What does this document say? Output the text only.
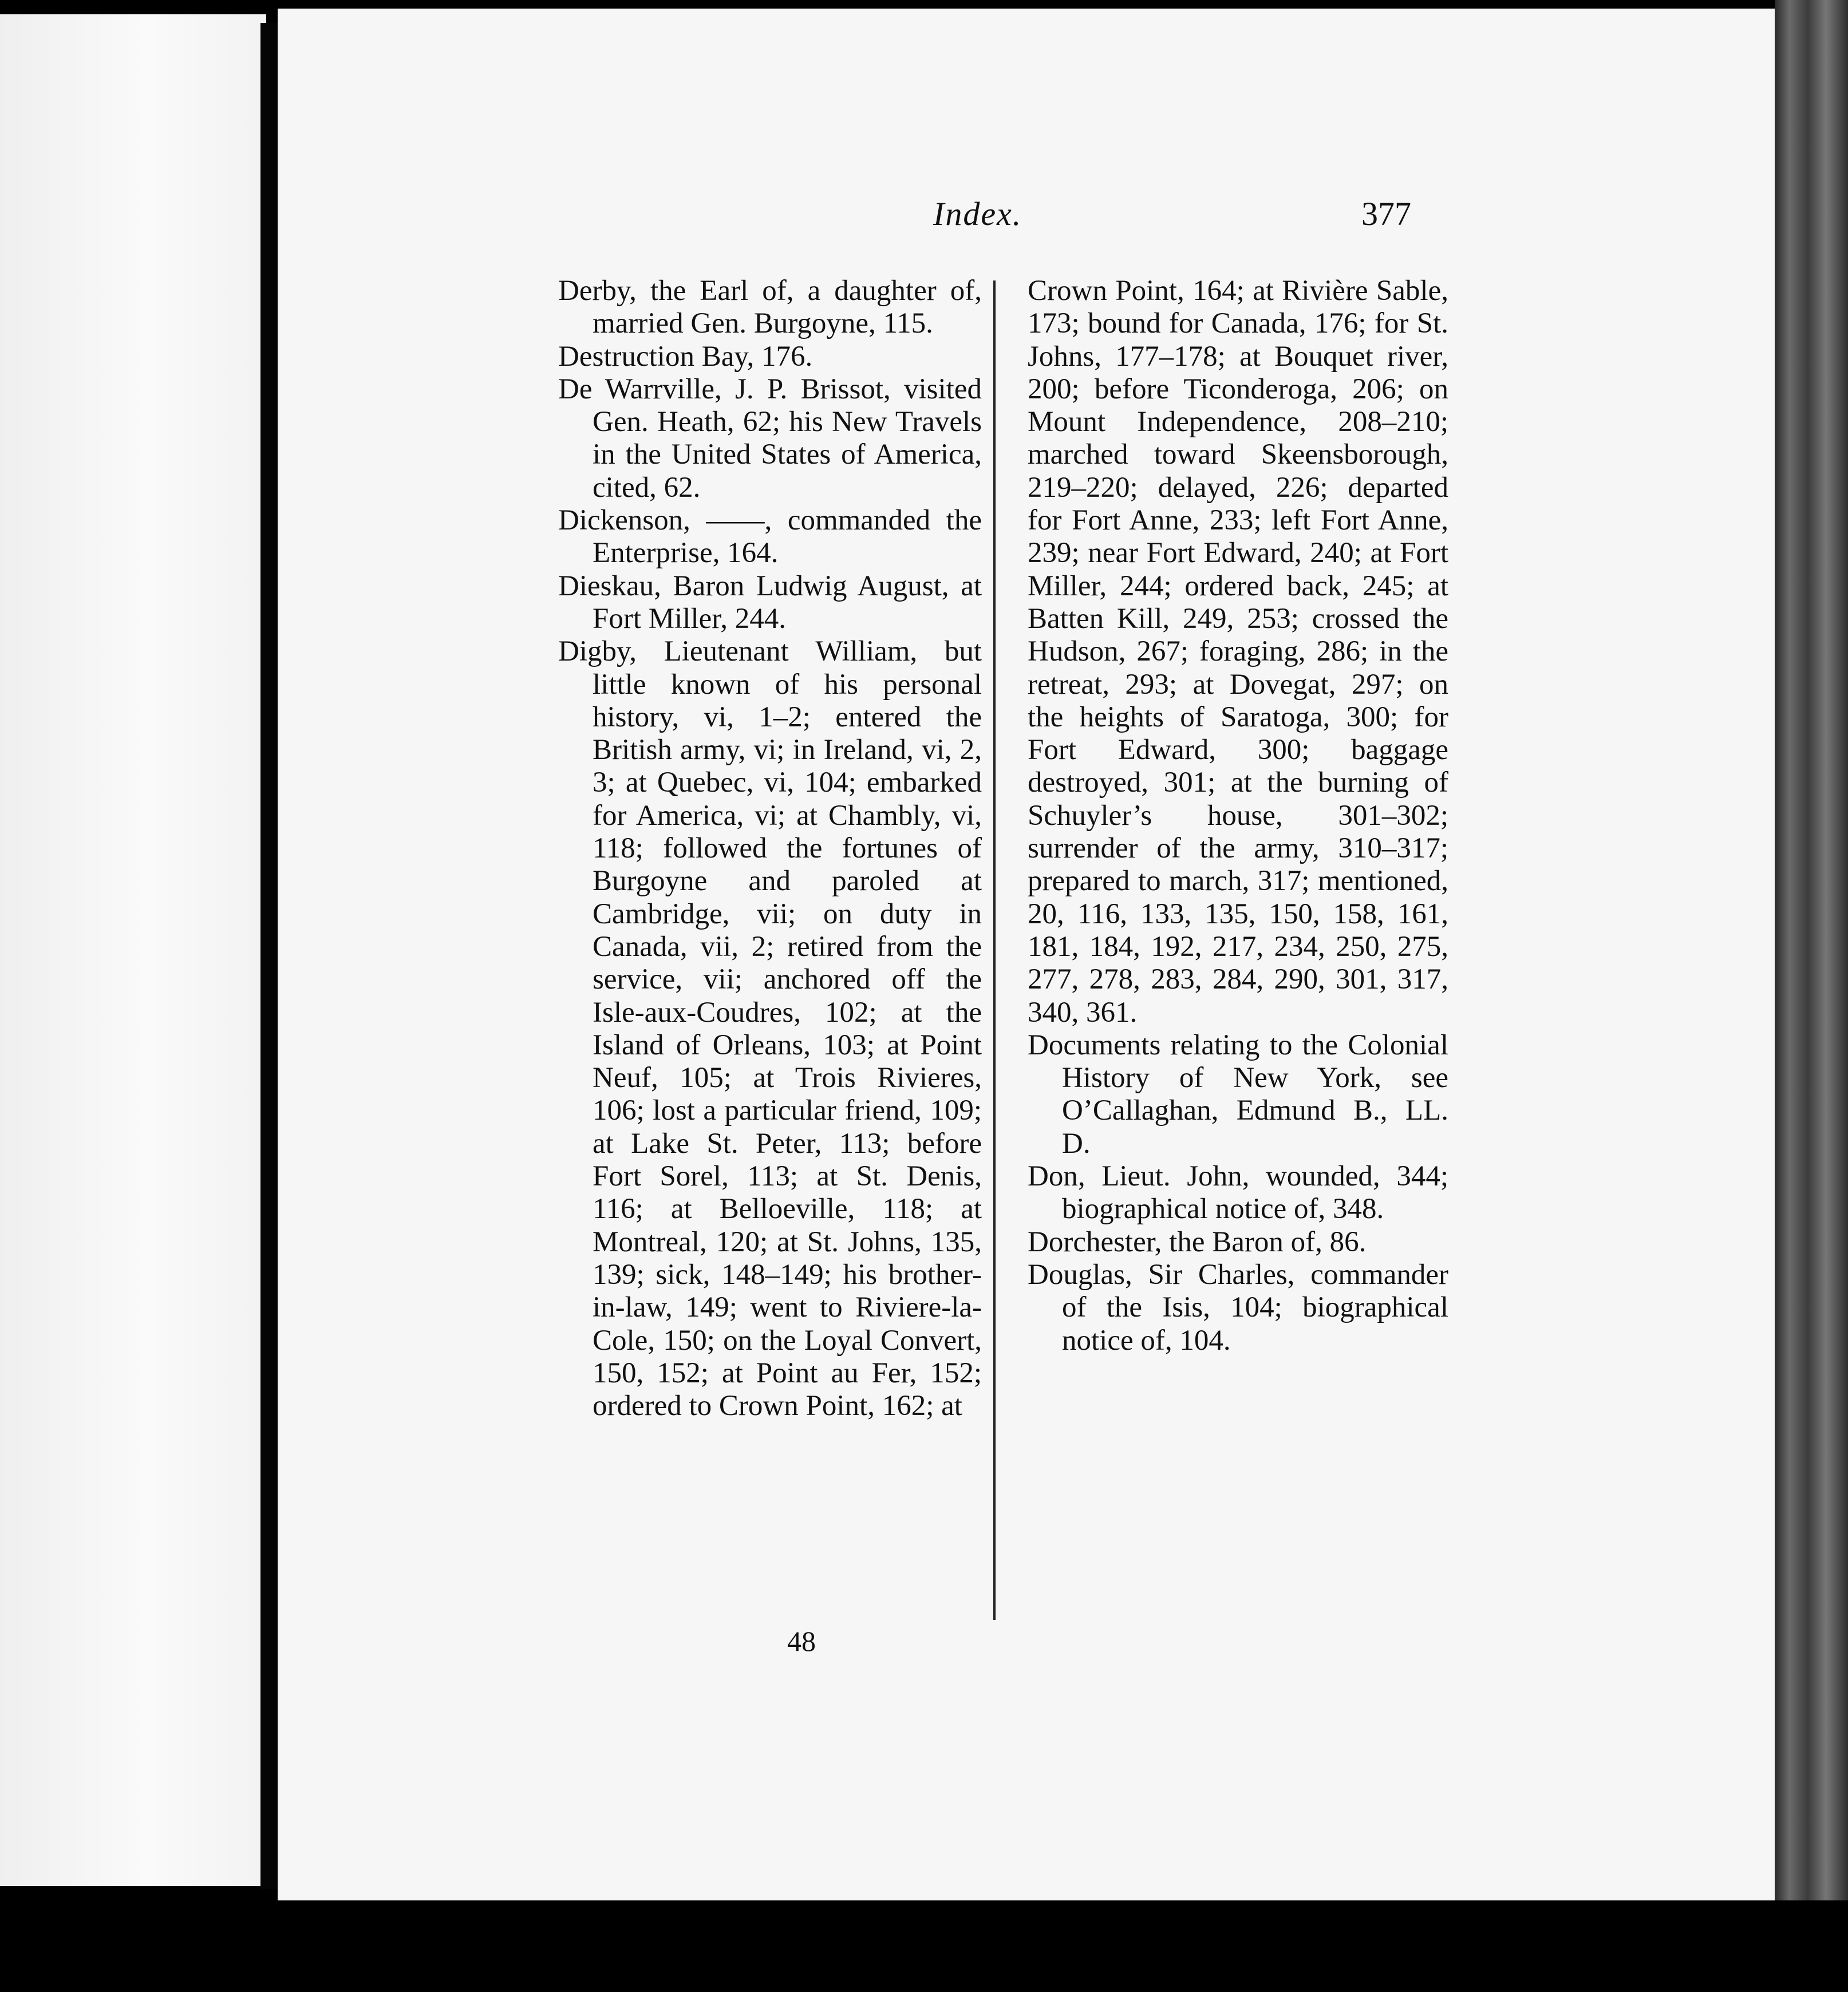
Index.	377

Derby, the Earl of, a daughter of, married Gen. Burgoyne, 115.

Destruction Bay, 176.

De Warrville, J. P. Brissot, visited Gen. Heath, 62; his New Travels in the United States of America, cited, 62.

Dickenson, ——, commanded the Enterprise, 164.

Dieskau, Baron Ludwig August, at Fort Miller, 244.

Digby, Lieutenant William, but little known of his personal history, vi, 1–2; entered the British army, vi; in Ireland, vi, 2, 3; at Quebec, vi, 104; embarked for America, vi; at Chambly, vi, 118; followed the fortunes of Burgoyne and paroled at Cambridge, vii; on duty in Canada, vii, 2; retired from the service, vii; anchored off the Isle-aux-Coudres, 102; at the Island of Orleans, 103; at Point Neuf, 105; at Trois Rivieres, 106; lost a particular friend, 109; at Lake St. Peter, 113; before Fort Sorel, 113; at St. Denis, 116; at Belloeville, 118; at Montreal, 120; at St. Johns, 135, 139; sick, 148–149; his brother-in-law, 149; went to Riviere-la-Cole, 150; on the Loyal Convert, 150, 152; at Point au Fer, 152; ordered to Crown Point, 162; at

Crown Point, 164; at Rivière Sable, 173; bound for Canada, 176; for St. Johns, 177–178; at Bouquet river, 200; before Ticonderoga, 206; on Mount Independence, 208–210; marched toward Skeensborough, 219–220; delayed, 226; departed for Fort Anne, 233; left Fort Anne, 239; near Fort Edward, 240; at Fort Miller, 244; ordered back, 245; at Batten Kill, 249, 253; crossed the Hudson, 267; foraging, 286; in the retreat, 293; at Dovegat, 297; on the heights of Saratoga, 300; for Fort Edward, 300; baggage destroyed, 301; at the burning of Schuyler’s house, 301–302; surrender of the army, 310–317; prepared to march, 317; mentioned, 20, 116, 133, 135, 150, 158, 161, 181, 184, 192, 217, 234, 250, 275, 277, 278, 283, 284, 290, 301, 317, 340, 361.

Documents relating to the Colonial History of New York, see O’Callaghan, Edmund B., LL. D.

Don, Lieut. John, wounded, 344; biographical notice of, 348.

Dorchester, the Baron of, 86.

Douglas, Sir Charles, commander of the Isis, 104; biographical notice of, 104.

48
